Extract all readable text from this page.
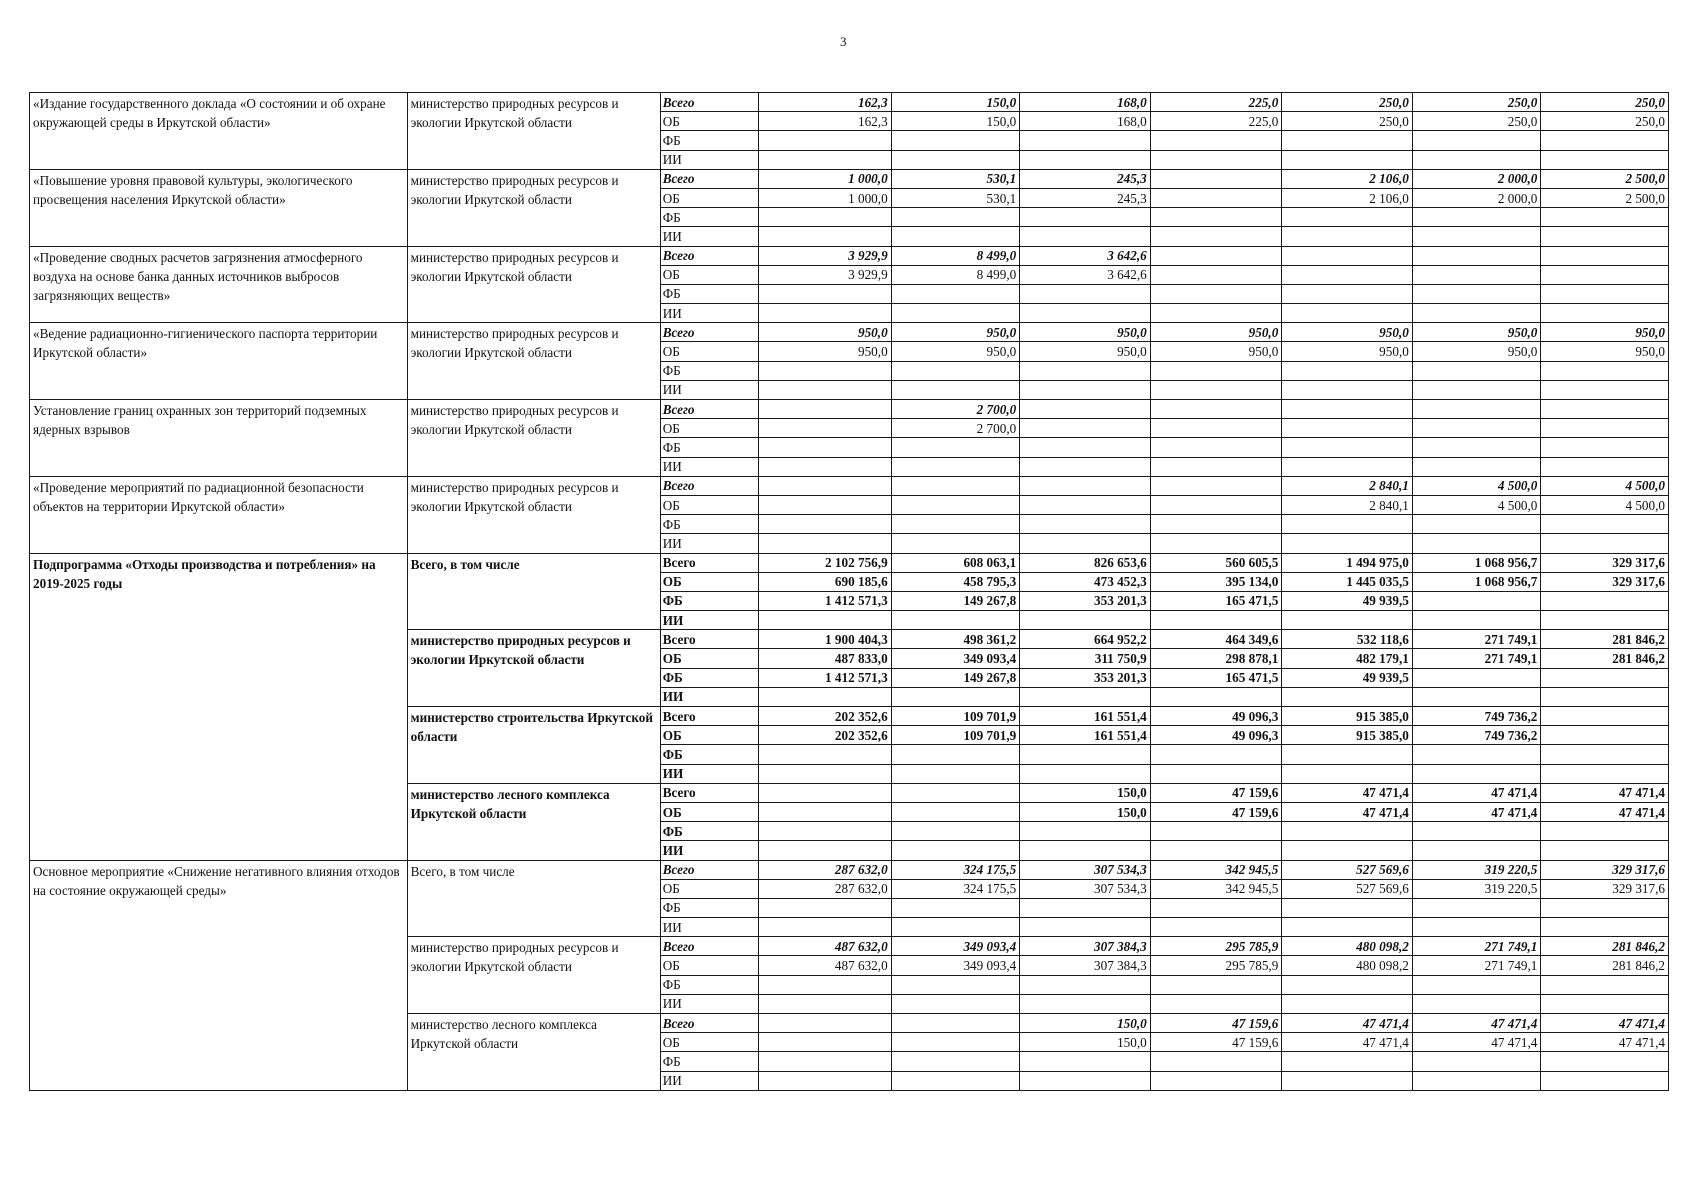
3
«Издание государственного доклада «О состоянии и об охране окружающей среды в Иркутской области»	министерство природных ресурсов и экологии Иркутской области	Всего	162,3	150,0	168,0	225,0	250,0	250,0	250,0
		ОБ	162,3	150,0	168,0	225,0	250,0	250,0	250,0
		ФБ							
		ИИ							
«Повышение уровня правовой культуры, экологического просвещения населения Иркутской области»	министерство природных ресурсов и экологии Иркутской области	Всего	1 000,0	530,1	245,3		2 106,0	2 000,0	2 500,0
		ОБ	1 000,0	530,1	245,3		2 106,0	2 000,0	2 500,0
		ФБ							
		ИИ							
«Проведение сводных расчетов загрязнения атмосферного воздуха на основе банка данных источников выбросов загрязняющих веществ»	министерство природных ресурсов и экологии Иркутской области	Всего	3 929,9	8 499,0	3 642,6				
		ОБ	3 929,9	8 499,0	3 642,6				
		ФБ							
		ИИ							
«Ведение радиационно-гигиенического паспорта территории Иркутской области»	министерство природных ресурсов и экологии Иркутской области	Всего	950,0	950,0	950,0	950,0	950,0	950,0	950,0
		ОБ	950,0	950,0	950,0	950,0	950,0	950,0	950,0
		ФБ							
		ИИ							
Установление границ охранных зон территорий подземных ядерных взрывов	министерство природных ресурсов и экологии Иркутской области	Всего		2 700,0					
		ОБ		2 700,0					
		ФБ							
		ИИ							
«Проведение мероприятий по радиационной безопасности объектов на территории Иркутской области»	министерство природных ресурсов и экологии Иркутской области	Всего					2 840,1	4 500,0	4 500,0
		ОБ					2 840,1	4 500,0	4 500,0
		ФБ							
		ИИ							
Подпрограмма «Отходы производства и потребления» на 2019-2025 годы	Всего, в том числе	Всего	2 102 756,9	608 063,1	826 653,6	560 605,5	1 494 975,0	1 068 956,7	329 317,6
		ОБ	690 185,6	458 795,3	473 452,3	395 134,0	1 445 035,5	1 068 956,7	329 317,6
		ФБ	1 412 571,3	149 267,8	353 201,3	165 471,5	49 939,5		
		ИИ							
	министерство природных ресурсов и экологии Иркутской области	Всего	1 900 404,3	498 361,2	664 952,2	464 349,6	532 118,6	271 749,1	281 846,2
		ОБ	487 833,0	349 093,4	311 750,9	298 878,1	482 179,1	271 749,1	281 846,2
		ФБ	1 412 571,3	149 267,8	353 201,3	165 471,5	49 939,5		
		ИИ							
	министерство строительства Иркутской области	Всего	202 352,6	109 701,9	161 551,4	49 096,3	915 385,0	749 736,2	
		ОБ	202 352,6	109 701,9	161 551,4	49 096,3	915 385,0	749 736,2	
		ФБ							
		ИИ							
	министерство лесного комплекса Иркутской области	Всего			150,0	47 159,6	47 471,4	47 471,4	47 471,4
		ОБ			150,0	47 159,6	47 471,4	47 471,4	47 471,4
		ФБ							
		ИИ							
Основное мероприятие «Снижение негативного влияния отходов на состояние окружающей среды»	Всего, в том числе	Всего	287 632,0	324 175,5	307 534,3	342 945,5	527 569,6	319 220,5	329 317,6
		ОБ	287 632,0	324 175,5	307 534,3	342 945,5	527 569,6	319 220,5	329 317,6
		ФБ							
		ИИ							
	министерство природных ресурсов и экологии Иркутской области	Всего	487 632,0	349 093,4	307 384,3	295 785,9	480 098,2	271 749,1	281 846,2
		ОБ	487 632,0	349 093,4	307 384,3	295 785,9	480 098,2	271 749,1	281 846,2
		ФБ							
		ИИ							
	министерство лесного комплекса Иркутской области	Всего			150,0	47 159,6	47 471,4	47 471,4	47 471,4
		ОБ			150,0	47 159,6	47 471,4	47 471,4	47 471,4
		ФБ							
		ИИ							
